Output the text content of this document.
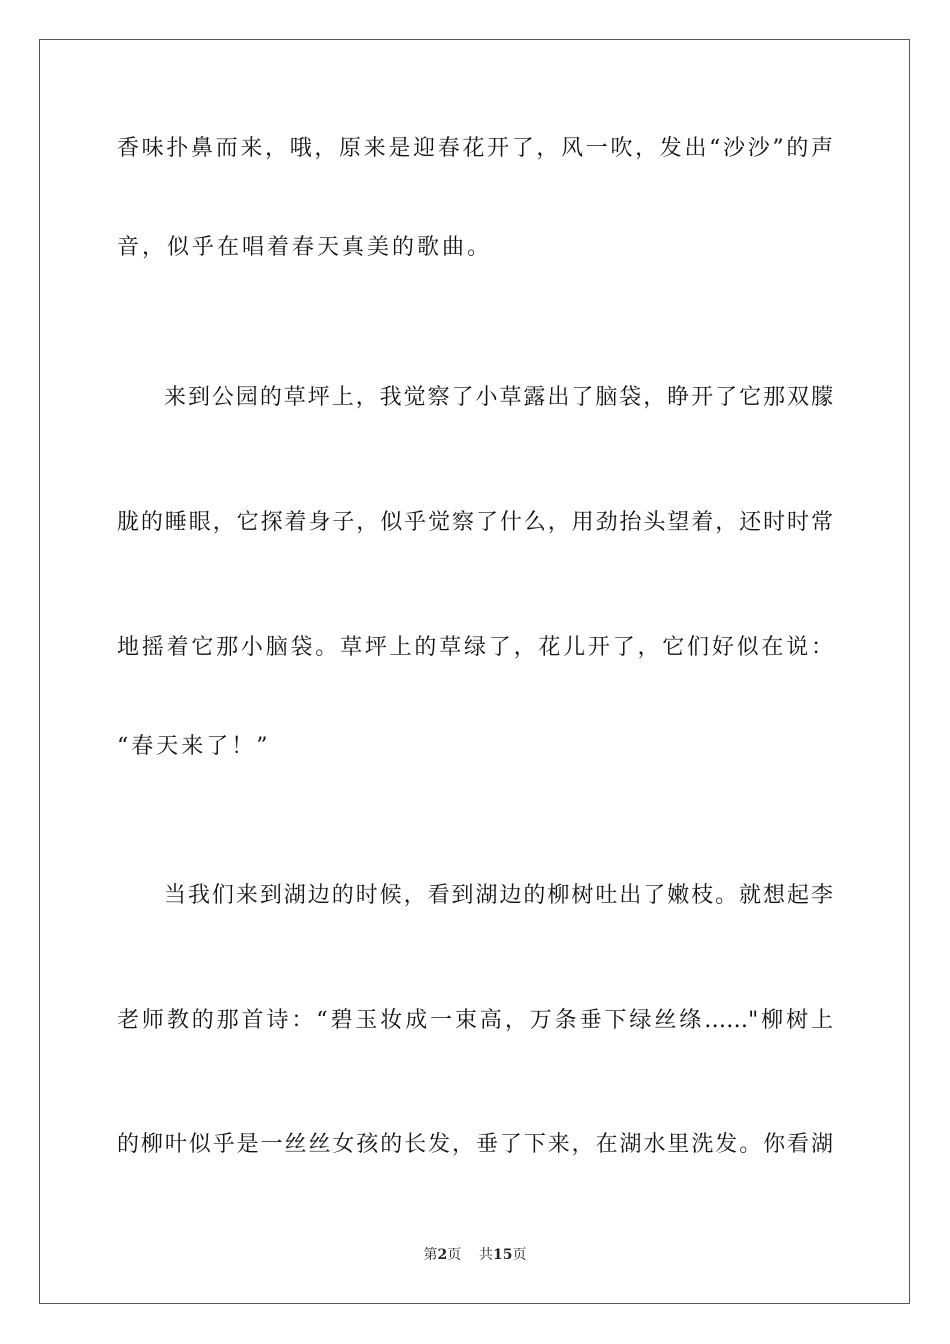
香味扑鼻而来，哦，原来是迎春花开了，风一吹，发出“沙沙”的声
音，似乎在唱着春天真美的歌曲。
来到公园的草坪上，我觉察了小草露出了脑袋，睁开了它那双朦
胧的睡眼，它探着身子，似乎觉察了什么，用劲抬头望着，还时时常
地摇着它那小脑袋。草坪上的草绿了，花儿开了，它们好似在说：
“春天来了！”
当我们来到湖边的时候，看到湖边的柳树吐出了嫩枝。就想起李
老师教的那首诗：“碧玉妆成一束高，万条垂下绿丝绦……"柳树上
的柳叶似乎是一丝丝女孩的长发，垂了下来，在湖水里洗发。你看湖
第2页 共15页
